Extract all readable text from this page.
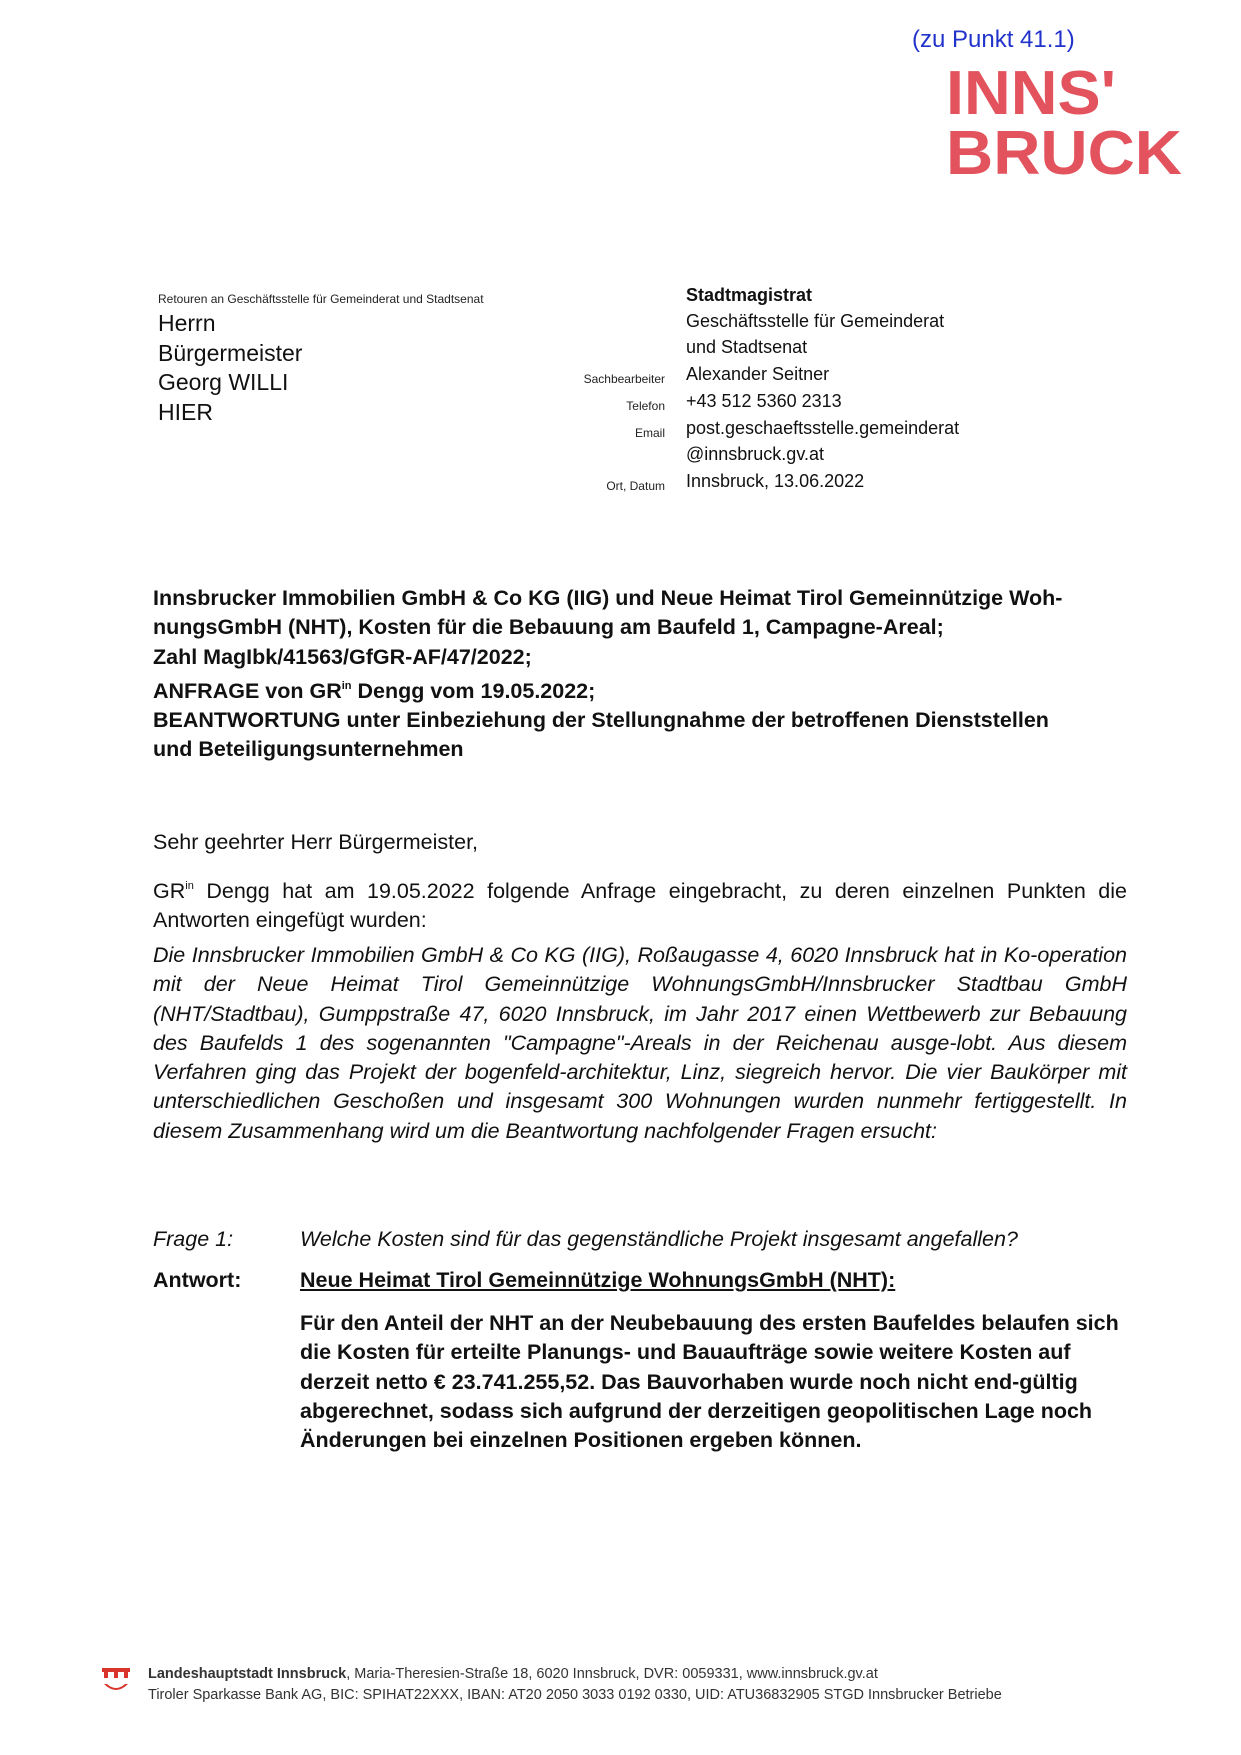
(zu Punkt 41.1)
INNS'
BRUCK
Retouren an Geschäftsstelle für Gemeinderat und Stadtsenat
Herrn
Bürgermeister
Georg WILLI
HIER
Stadtmagistrat
Geschäftsstelle für Gemeinderat
und Stadtsenat
Sachbearbeiter Alexander Seitner
Telefon +43 512 5360 2313
Email post.geschaeftsstelle.gemeinderat
@innsbruck.gv.at
Ort, Datum Innsbruck, 13.06.2022
Innsbrucker Immobilien GmbH & Co KG (IIG) und Neue Heimat Tirol Gemeinnützige Woh-
nungsGmbH (NHT), Kosten für die Bebauung am Baufeld 1, Campagne-Areal;
Zahl MagIbk/41563/GfGR-AF/47/2022;
ANFRAGE von $GR^{in}$ Dengg vom 19.05.2022;
BEANTWORTUNG unter Einbeziehung der Stellungnahme der betroffenen Dienststellen
und Beteiligungsunternehmen
Sehr geehrter Herr Bürgermeister,
$GR^{in}$ Dengg hat am 19.05.2022 folgende Anfrage eingebracht, zu deren einzelnen Punkten die Antworten eingefügt wurden:
Die Innsbrucker Immobilien GmbH & Co KG (IIG), Roßaugasse 4, 6020 Innsbruck hat in Ko-operation mit der Neue Heimat Tirol Gemeinnützige WohnungsGmbH/Innsbrucker Stadtbau GmbH (NHT/Stadtbau), Gumppstraße 47, 6020 Innsbruck, im Jahr 2017 einen Wettbewerb zur Bebauung des Baufelds 1 des sogenannten "Campagne"-Areals in der Reichenau ausge-lobt. Aus diesem Verfahren ging das Projekt der bogenfeld-architektur, Linz, siegreich hervor. Die vier Baukörper mit unterschiedlichen Geschoßen und insgesamt 300 Wohnungen wurden nunmehr fertiggestellt. In diesem Zusammenhang wird um die Beantwortung nachfolgender Fragen ersucht:
Frage 1:	Welche Kosten sind für das gegenständliche Projekt insgesamt angefallen?
Antwort:	Neue Heimat Tirol Gemeinnützige WohnungsGmbH (NHT):
Für den Anteil der NHT an der Neubebauung des ersten Baufeldes belaufen sich die Kosten für erteilte Planungs- und Bauaufträge sowie weitere Kosten auf derzeit netto € 23.741.255,52. Das Bauvorhaben wurde noch nicht end-gültig abgerechnet, sodass sich aufgrund der derzeitigen geopolitischen Lage noch Änderungen bei einzelnen Positionen ergeben können.
Landeshauptstadt Innsbruck, Maria-Theresien-Straße 18, 6020 Innsbruck, DVR: 0059331, www.innsbruck.gv.at
Tiroler Sparkasse Bank AG, BIC: SPIHAT22XXX, IBAN: AT20 2050 3033 0192 0330, UID: ATU36832905 STGD Innsbrucker Betriebe
